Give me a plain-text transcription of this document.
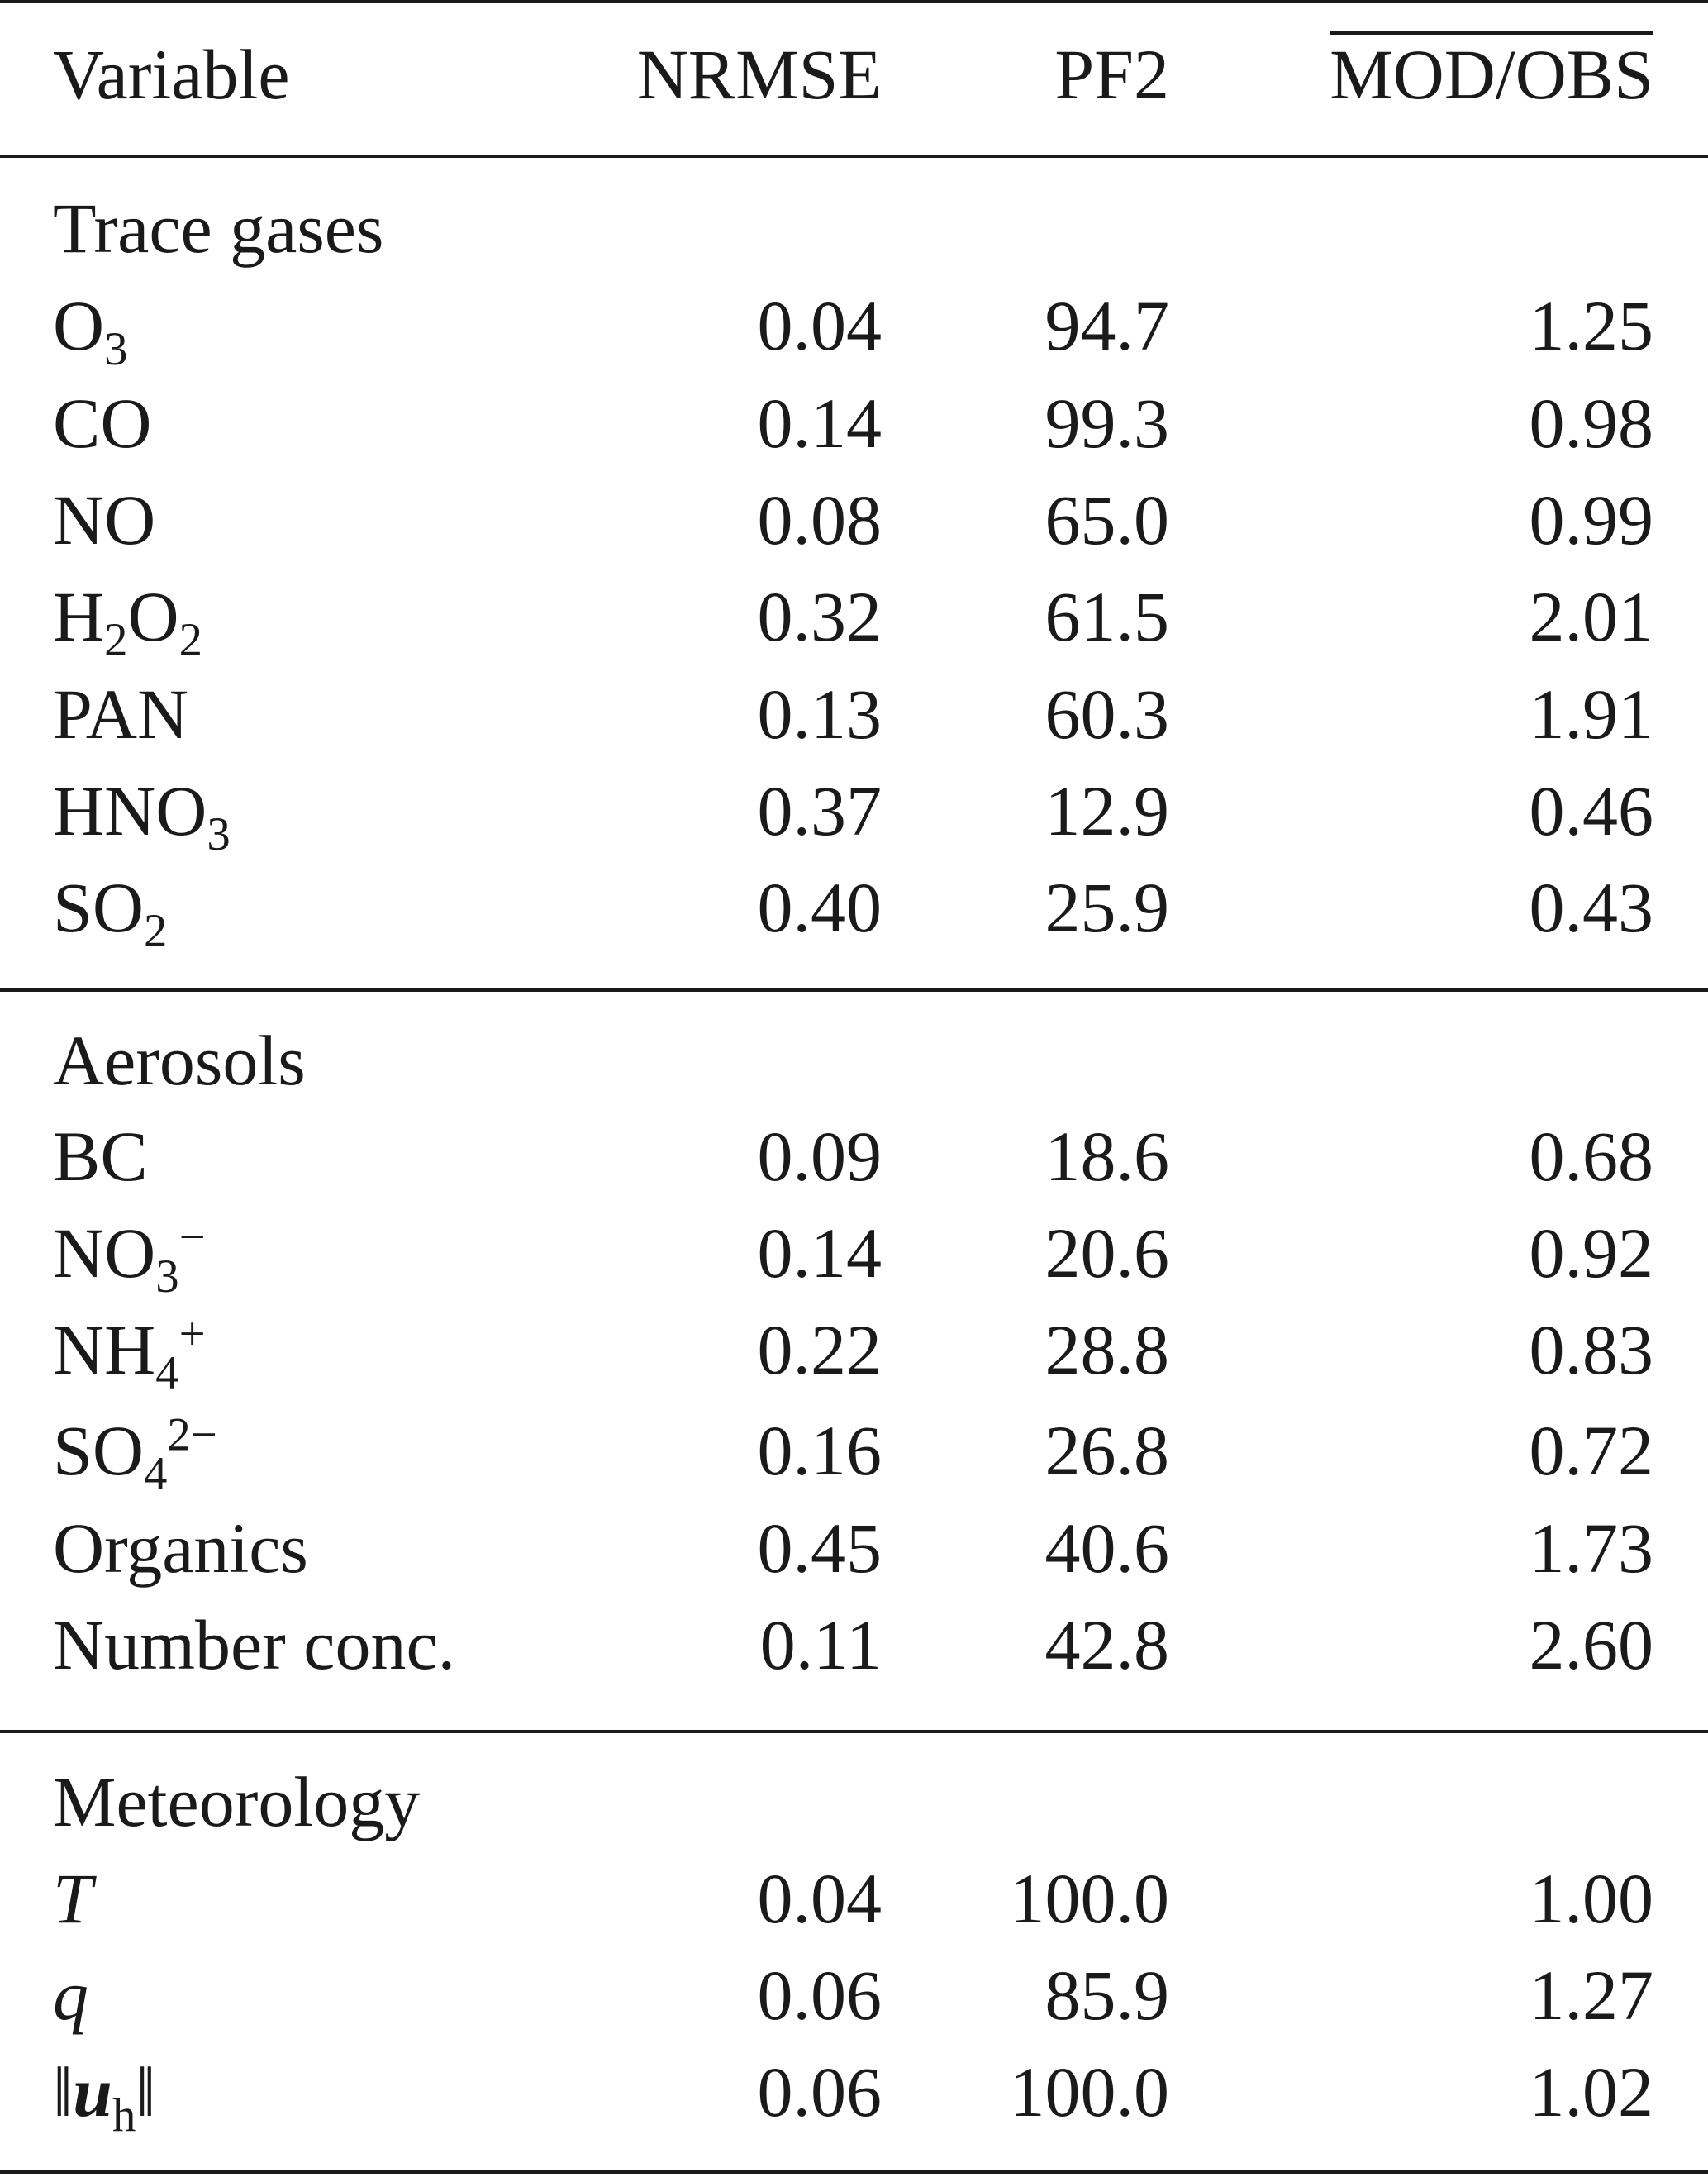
Variable	NRMSE PF2 MOD/OBS
Trace gases
$O_3$	0.04 94.7	1.25
CO	0.14 99.3	0.98
NO	0.08 65.0	0.99
$H_2O_2$	0.32 61.5	2.01
PAN	0.13 60.3	1.91
$HNO_3$	0.37 12.9	0.46
$SO_2$	0.40 25.9	0.43
Aerosols
BC	0.09 18.6	0.68
$NO_3^-$	0.14 20.6	0.92
$NH_4^+$	0.22 28.8	0.83
$SO_4^{2-}$	0.16 26.8	0.72
Organics	0.45 40.6	1.73
Number conc.	0.11 42.8	2.60
Meteorology
T	0.04 100.0	1.00
q	0.06 85.9	1.27
$‖u_h‖$	0.06 100.0	1.02
